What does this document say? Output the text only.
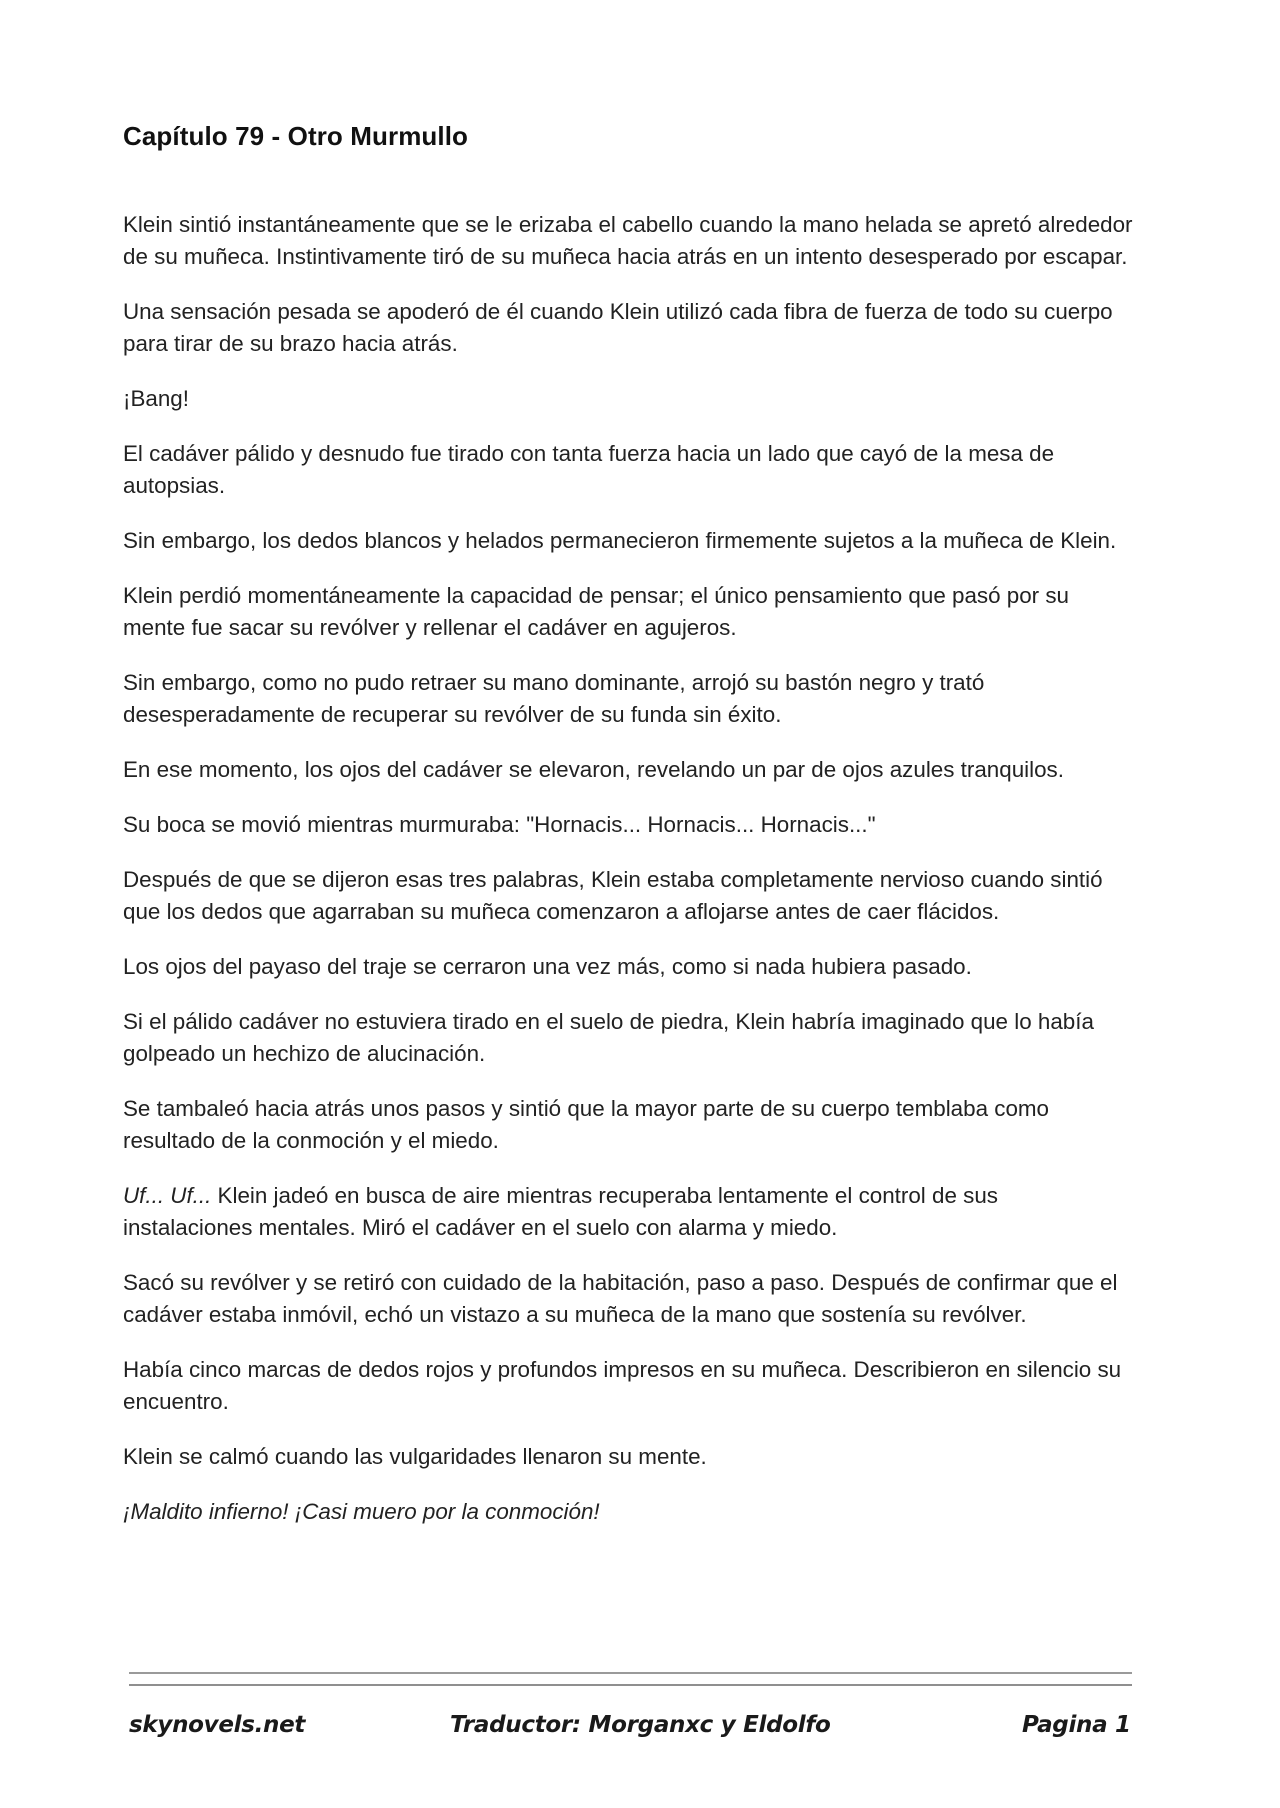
Capítulo 79 - Otro Murmullo

Klein sintió instantáneamente que se le erizaba el cabello cuando la mano helada se apretó alrededor de su muñeca. Instintivamente tiró de su muñeca hacia atrás en un intento desesperado por escapar.

Una sensación pesada se apoderó de él cuando Klein utilizó cada fibra de fuerza de todo su cuerpo para tirar de su brazo hacia atrás.

¡Bang!

El cadáver pálido y desnudo fue tirado con tanta fuerza hacia un lado que cayó de la mesa de autopsias.

Sin embargo, los dedos blancos y helados permanecieron firmemente sujetos a la muñeca de Klein.

Klein perdió momentáneamente la capacidad de pensar; el único pensamiento que pasó por su mente fue sacar su revólver y rellenar el cadáver en agujeros.

Sin embargo, como no pudo retraer su mano dominante, arrojó su bastón negro y trató desesperadamente de recuperar su revólver de su funda sin éxito.

En ese momento, los ojos del cadáver se elevaron, revelando un par de ojos azules tranquilos.

Su boca se movió mientras murmuraba: "Hornacis... Hornacis... Hornacis..."

Después de que se dijeron esas tres palabras, Klein estaba completamente nervioso cuando sintió que los dedos que agarraban su muñeca comenzaron a aflojarse antes de caer flácidos.

Los ojos del payaso del traje se cerraron una vez más, como si nada hubiera pasado.

Si el pálido cadáver no estuviera tirado en el suelo de piedra, Klein habría imaginado que lo había golpeado un hechizo de alucinación.

Se tambaleó hacia atrás unos pasos y sintió que la mayor parte de su cuerpo temblaba como resultado de la conmoción y el miedo.

Uf... Uf... Klein jadeó en busca de aire mientras recuperaba lentamente el control de sus instalaciones mentales. Miró el cadáver en el suelo con alarma y miedo.

Sacó su revólver y se retiró con cuidado de la habitación, paso a paso. Después de confirmar que el cadáver estaba inmóvil, echó un vistazo a su muñeca de la mano que sostenía su revólver.

Había cinco marcas de dedos rojos y profundos impresos en su muñeca. Describieron en silencio su encuentro.

Klein se calmó cuando las vulgaridades llenaron su mente.

¡Maldito infierno! ¡Casi muero por la conmoción!

skynovels.net	Traductor: Morganxc y Eldolfo	Pagina 1
